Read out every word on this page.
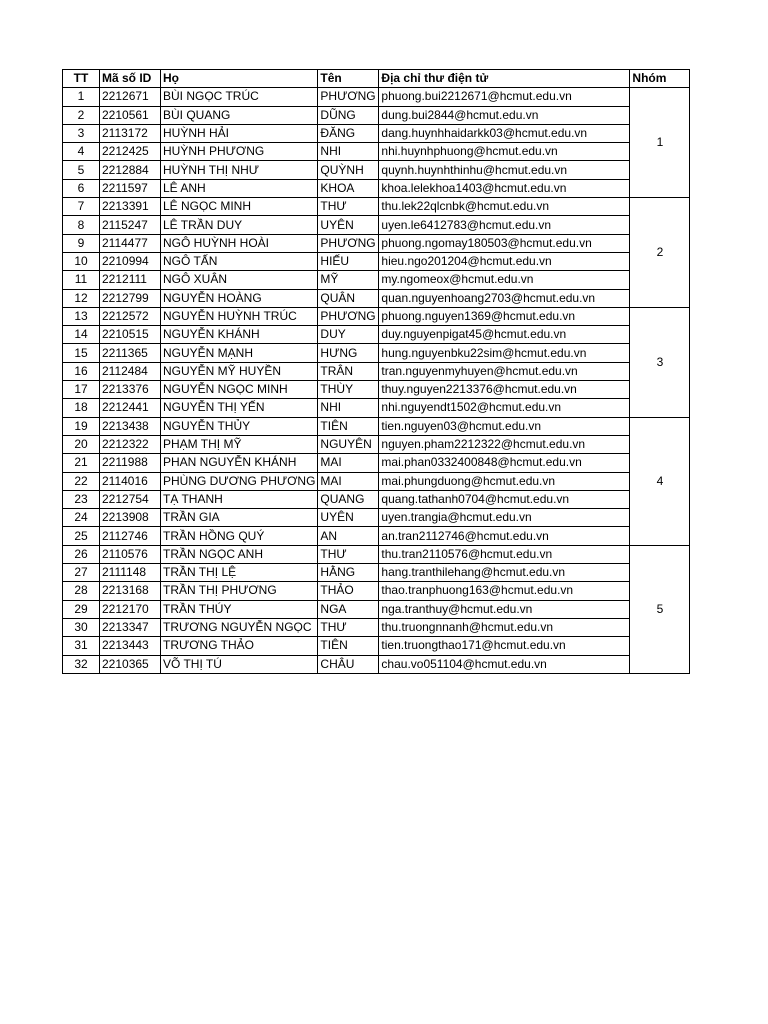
TT	Mã số ID	Họ	Tên	Địa chỉ thư điện tử	Nhóm
1	2212671	BÙI NGỌC TRÚC	PHƯƠNG	phuong.bui2212671@hcmut.edu.vn	1
2	2210561	BÙI QUANG	DŨNG	dung.bui2844@hcmut.edu.vn	
3	2113172	HUỲNH HẢI	ĐĂNG	dang.huynhhaidarkk03@hcmut.edu.vn	
4	2212425	HUỲNH PHƯƠNG	NHI	nhi.huynhphuong@hcmut.edu.vn	
5	2212884	HUỲNH THỊ NHƯ	QUỲNH	quynh.huynhthinhu@hcmut.edu.vn	
6	2211597	LÊ ANH	KHOA	khoa.lelekhoa1403@hcmut.edu.vn	
7	2213391	LÊ NGỌC MINH	THƯ	thu.lek22qlcnbk@hcmut.edu.vn	2
8	2115247	LÊ TRẦN DUY	UYÊN	uyen.le6412783@hcmut.edu.vn	
9	2114477	NGÔ HUỲNH HOÀI	PHƯƠNG	phuong.ngomay180503@hcmut.edu.vn	
10	2210994	NGÔ TẤN	HIẾU	hieu.ngo201204@hcmut.edu.vn	
11	2212111	NGÔ XUÂN	MỸ	my.ngomeox@hcmut.edu.vn	
12	2212799	NGUYỄN HOÀNG	QUÂN	quan.nguyenhoang2703@hcmut.edu.vn	
13	2212572	NGUYỄN HUỲNH TRÚC	PHƯƠNG	phuong.nguyen1369@hcmut.edu.vn	3
14	2210515	NGUYỄN KHÁNH	DUY	duy.nguyenpigat45@hcmut.edu.vn	
15	2211365	NGUYỄN MẠNH	HƯNG	hung.nguyenbku22sim@hcmut.edu.vn	
16	2112484	NGUYỄN MỸ HUYỀN	TRÂN	tran.nguyenmyhuyen@hcmut.edu.vn	
17	2213376	NGUYỄN NGỌC MINH	THÙY	thuy.nguyen2213376@hcmut.edu.vn	
18	2212441	NGUYỄN THỊ YẾN	NHI	nhi.nguyendt1502@hcmut.edu.vn	
19	2213438	NGUYỄN THỦY	TIÊN	tien.nguyen03@hcmut.edu.vn	4
20	2212322	PHẠM THỊ MỸ	NGUYÊN	nguyen.pham2212322@hcmut.edu.vn	
21	2211988	PHAN NGUYỄN KHÁNH	MAI	mai.phan0332400848@hcmut.edu.vn	
22	2114016	PHÙNG DƯƠNG PHƯƠNG	MAI	mai.phungduong@hcmut.edu.vn	
23	2212754	TẠ THANH	QUANG	quang.tathanh0704@hcmut.edu.vn	
24	2213908	TRẦN GIA	UYÊN	uyen.trangia@hcmut.edu.vn	
25	2112746	TRẦN HỒNG QUÝ	AN	an.tran2112746@hcmut.edu.vn	
26	2110576	TRẦN NGỌC ANH	THƯ	thu.tran2110576@hcmut.edu.vn	5
27	2111148	TRẦN THỊ LỆ	HẰNG	hang.tranthilehang@hcmut.edu.vn	
28	2213168	TRẦN THỊ PHƯƠNG	THẢO	thao.tranphuong163@hcmut.edu.vn	
29	2212170	TRẦN THÚY	NGA	nga.tranthuy@hcmut.edu.vn	
30	2213347	TRƯƠNG NGUYỄN NGỌC	THƯ	thu.truongnnanh@hcmut.edu.vn	
31	2213443	TRƯƠNG THẢO	TIÊN	tien.truongthao171@hcmut.edu.vn	
32	2210365	VÕ THỊ TÚ	CHÂU	chau.vo051104@hcmut.edu.vn	
